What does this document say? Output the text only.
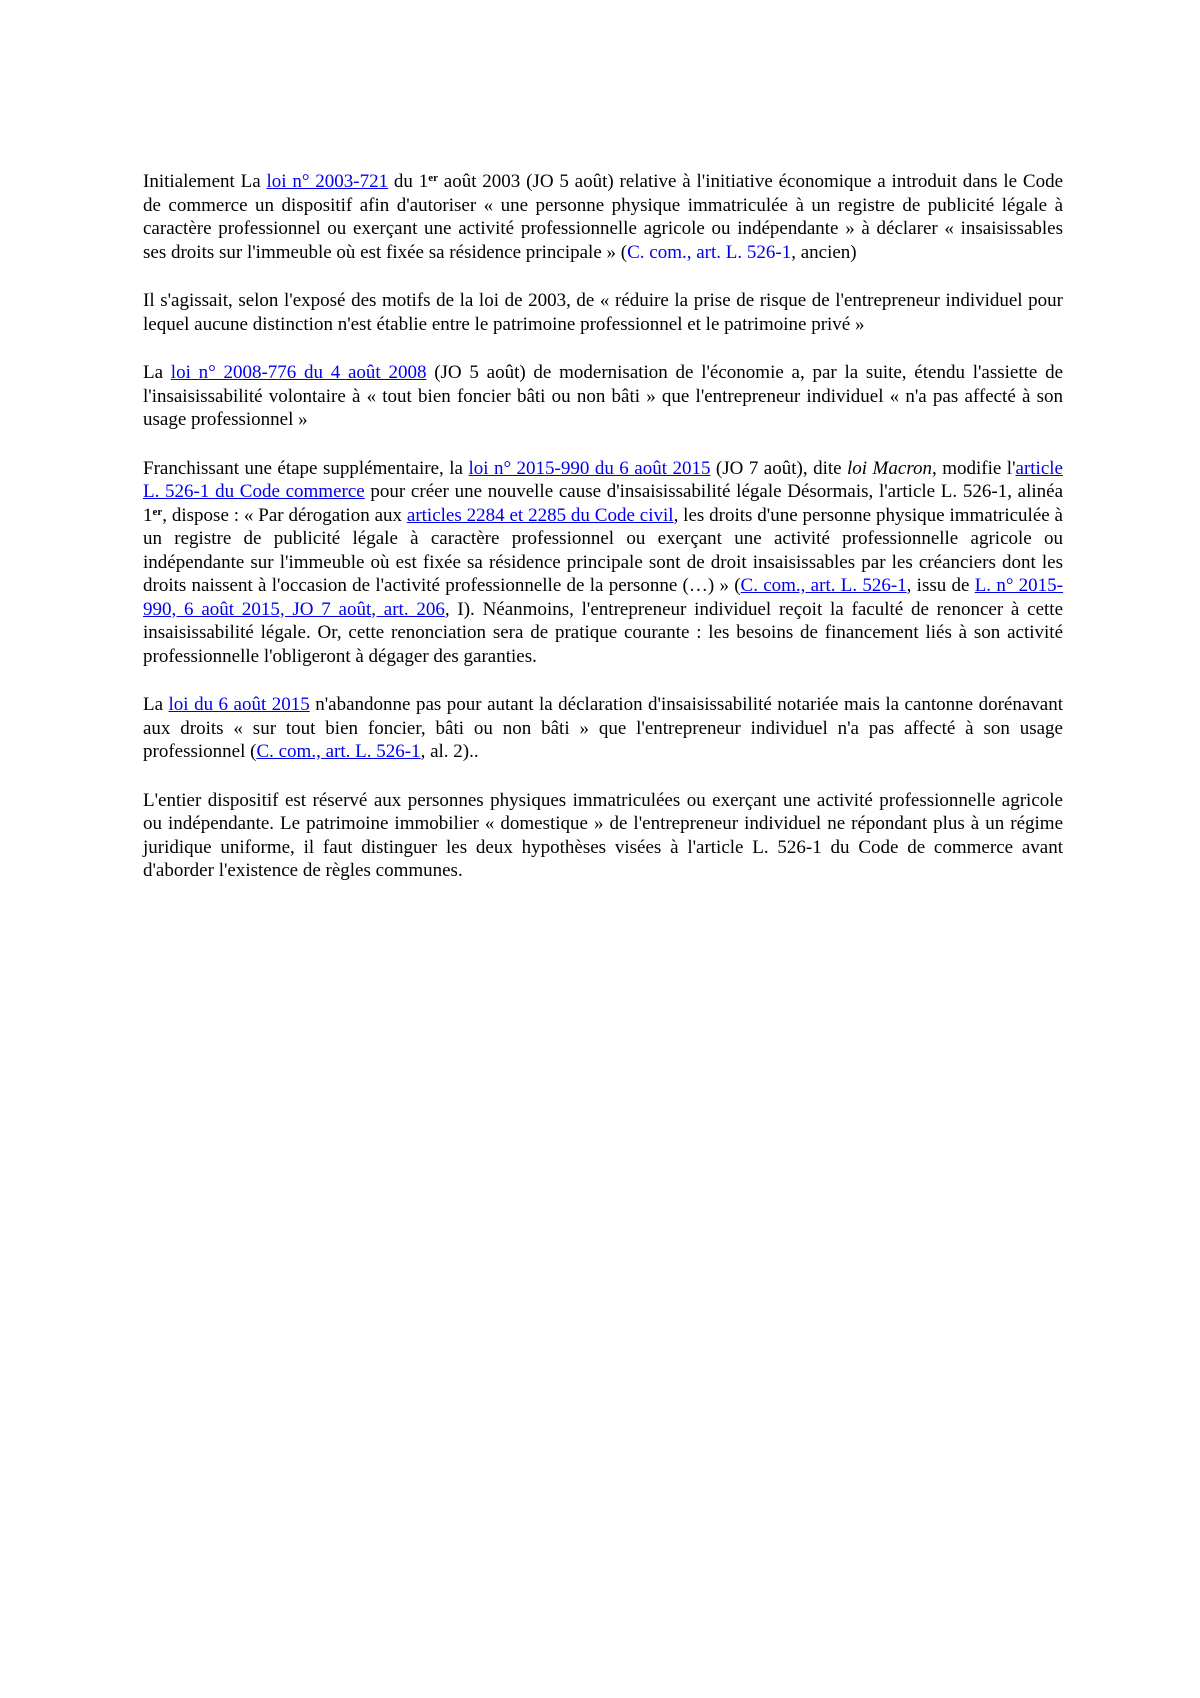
Initialement La loi n° 2003-721 du 1er août 2003 (JO 5 août) relative à l'initiative économique a introduit dans le Code de commerce un dispositif afin d'autoriser « une personne physique immatriculée à un registre de publicité légale à caractère professionnel ou exerçant une activité professionnelle agricole ou indépendante » à déclarer « insaisissables ses droits sur l'immeuble où est fixée sa résidence principale » (C. com., art. L. 526-1, ancien)

Il s'agissait, selon l'exposé des motifs de la loi de 2003, de « réduire la prise de risque de l'entrepreneur individuel pour lequel aucune distinction n'est établie entre le patrimoine professionnel et le patrimoine privé »

La loi n° 2008-776 du 4 août 2008 (JO 5 août) de modernisation de l'économie a, par la suite, étendu l'assiette de l'insaisissabilité volontaire à « tout bien foncier bâti ou non bâti » que l'entrepreneur individuel « n'a pas affecté à son usage professionnel »

Franchissant une étape supplémentaire, la loi n° 2015-990 du 6 août 2015 (JO 7 août), dite loi Macron, modifie l'article L. 526-1 du Code commerce pour créer une nouvelle cause d'insaisissabilité légale Désormais, l'article L. 526-1, alinéa 1er, dispose : « Par dérogation aux articles 2284 et 2285 du Code civil, les droits d'une personne physique immatriculée à un registre de publicité légale à caractère professionnel ou exerçant une activité professionnelle agricole ou indépendante sur l'immeuble où est fixée sa résidence principale sont de droit insaisissables par les créanciers dont les droits naissent à l'occasion de l'activité professionnelle de la personne (…) » (C. com., art. L. 526-1, issu de L. n° 2015-990, 6 août 2015, JO 7 août, art. 206, I). Néanmoins, l'entrepreneur individuel reçoit la faculté de renoncer à cette insaisissabilité légale. Or, cette renonciation sera de pratique courante : les besoins de financement liés à son activité professionnelle l'obligeront à dégager des garanties.

La loi du 6 août 2015 n'abandonne pas pour autant la déclaration d'insaisissabilité notariée mais la cantonne dorénavant aux droits « sur tout bien foncier, bâti ou non bâti » que l'entrepreneur individuel n'a pas affecté à son usage professionnel (C. com., art. L. 526-1, al. 2)..

L'entier dispositif est réservé aux personnes physiques immatriculées ou exerçant une activité professionnelle agricole ou indépendante. Le patrimoine immobilier « domestique » de l'entrepreneur individuel ne répondant plus à un régime juridique uniforme, il faut distinguer les deux hypothèses visées à l'article L. 526-1 du Code de commerce avant d'aborder l'existence de règles communes.
